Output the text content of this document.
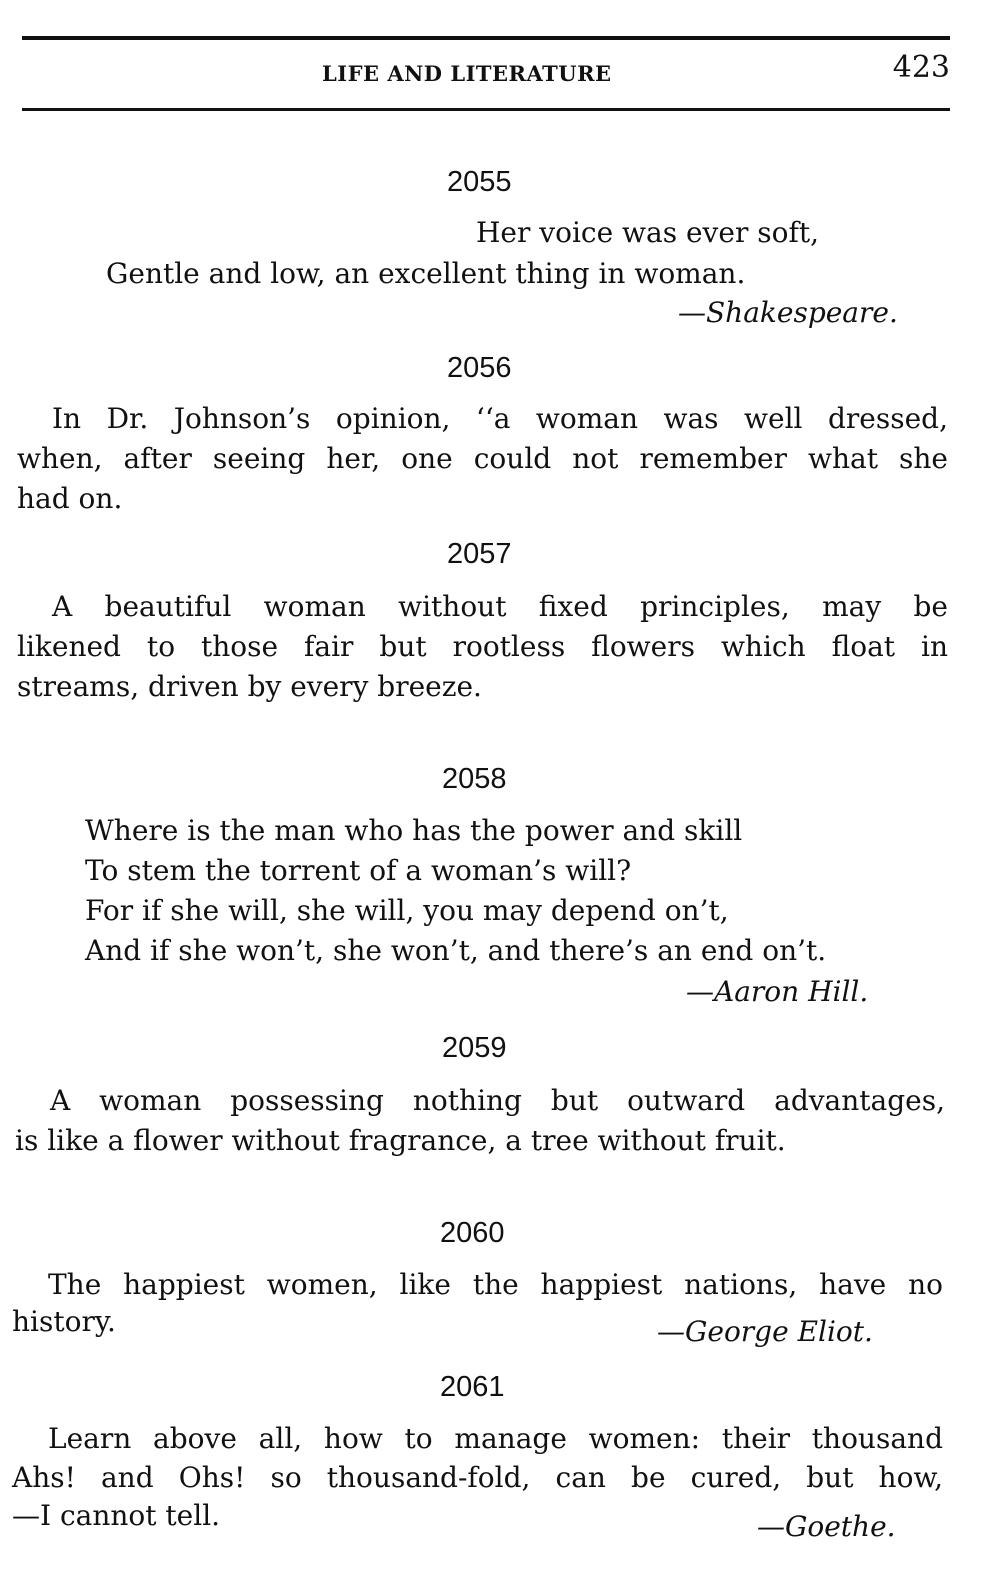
LIFE AND LITERATURE	423
2055
Her voice was ever soft,
Gentle and low, an excellent thing in woman.
—Shakespeare.
2056
In Dr. Johnson’s opinion, ‘‘a woman was well dressed,
when, after seeing her, one could not remember what she
had on.
2057
A beautiful woman without fixed principles, may be
likened to those fair but rootless flowers which float in
streams, driven by every breeze.
2058
Where is the man who has the power and skill
To stem the torrent of a woman’s will?
For if she will, she will, you may depend on’t,
And if she won’t, she won’t, and there’s an end on’t.
—Aaron Hill.
2059
A woman possessing nothing but outward advantages,
is like a flower without fragrance, a tree without fruit.
2060
The happiest women, like the happiest nations, have no
history.	—George Eliot.
2061
Learn above all, how to manage women: their thousand
Ahs! and Ohs! so thousand-fold, can be cured, but how,
—I cannot tell.	—Goethe.
